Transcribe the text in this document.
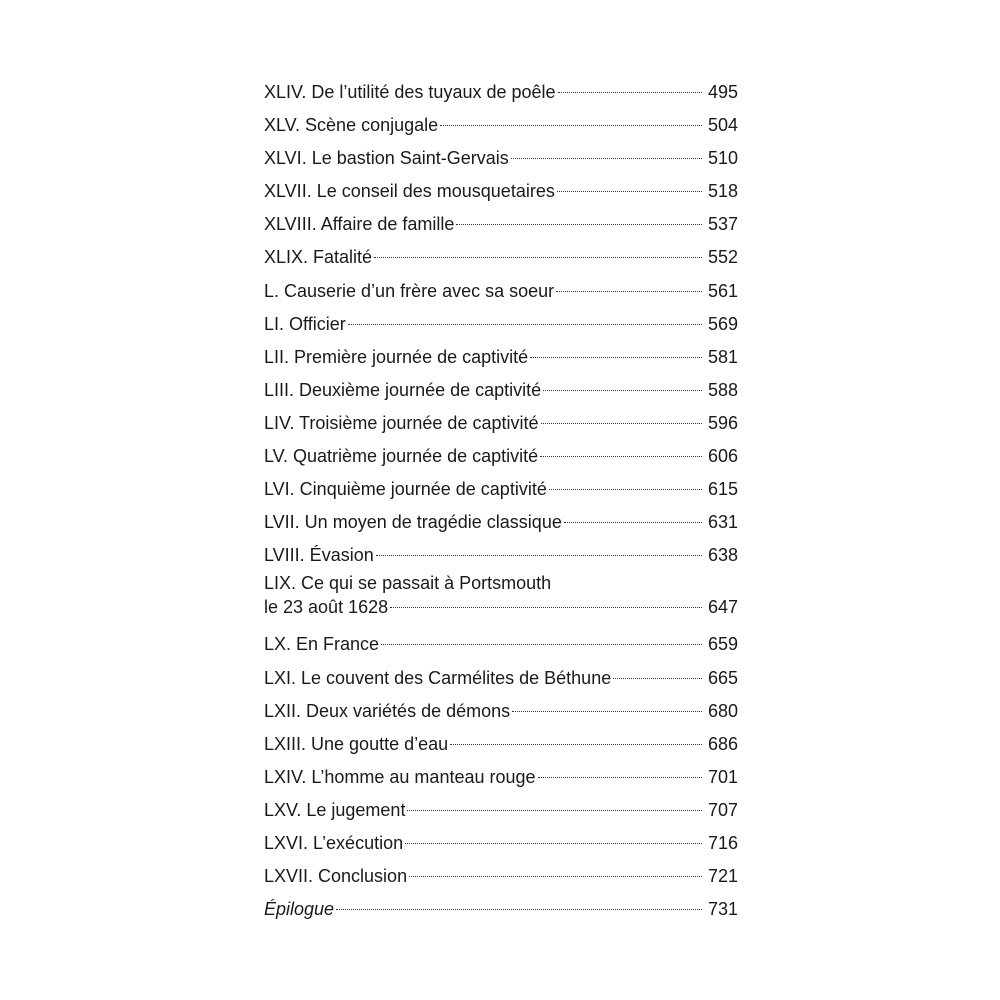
XLIV. De l’utilité des tuyaux de poêle	495
XLV. Scène conjugale	504
XLVI. Le bastion Saint-Gervais	510
XLVII. Le conseil des mousquetaires	518
XLVIII. Affaire de famille	537
XLIX. Fatalité	552
L. Causerie d’un frère avec sa soeur	561
LI. Officier	569
LII. Première journée de captivité	581
LIII. Deuxième journée de captivité	588
LIV. Troisième journée de captivité	596
LV. Quatrième journée de captivité	606
LVI. Cinquième journée de captivité	615
LVII. Un moyen de tragédie classique	631
LVIII. Évasion	638
LIX. Ce qui se passait à Portsmouth
le 23 août 1628	647
LX. En France	659
LXI. Le couvent des Carmélites de Béthune	665
LXII. Deux variétés de démons	680
LXIII. Une goutte d’eau	686
LXIV. L’homme au manteau rouge	701
LXV. Le jugement	707
LXVI. L’exécution	716
LXVII. Conclusion	721
Épilogue	731
